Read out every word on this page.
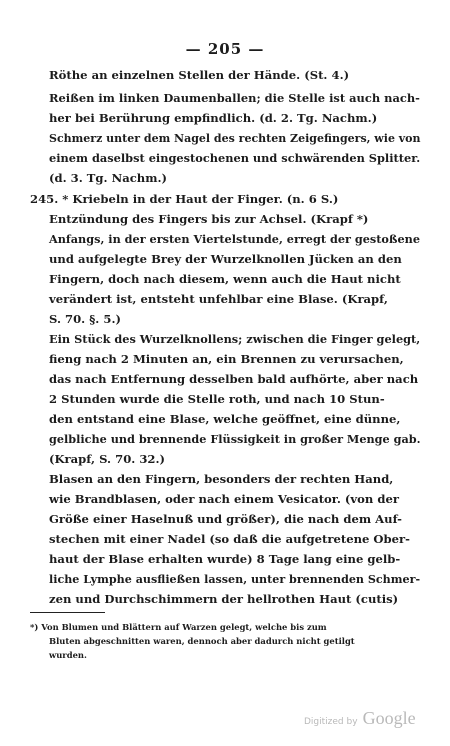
— 205 —
Röthe an einzelnen Stellen der Hände. (St. 4.)
Reißen im linken Daumenballen; die Stelle ist auch nach-
her bei Berührung empfindlich. (d. 2. Tg. Nachm.)
Schmerz unter dem Nagel des rechten Zeigefingers, wie von
einem daselbst eingestochenen und schwärenden Splitter.
(d. 3. Tg. Nachm.)
245. * Kriebeln in der Haut der Finger. (n. 6 S.)
Entzündung des Fingers bis zur Achsel. (Krapf *)
Anfangs, in der ersten Viertelstunde, erregt der gestoßene
und aufgelegte Brey der Wurzelknollen Jücken an den
Fingern, doch nach diesem, wenn auch die Haut nicht
verändert ist, entsteht unfehlbar eine Blase. (Krapf,
S. 70. §. 5.)
Ein Stück des Wurzelknollens; zwischen die Finger gelegt,
fieng nach 2 Minuten an, ein Brennen zu verursachen,
das nach Entfernung desselben bald aufhörte, aber nach
2 Stunden wurde die Stelle roth, und nach 10 Stun-
den entstand eine Blase, welche geöffnet, eine dünne,
gelbliche und brennende Flüssigkeit in großer Menge gab.
(Krapf, S. 70. 32.)
Blasen an den Fingern, besonders der rechten Hand,
wie Brandblasen, oder nach einem Vesicator. (von der
Größe einer Haselnuß und größer), die nach dem Auf-
stechen mit einer Nadel (so daß die aufgetretene Ober-
haut der Blase erhalten wurde) 8 Tage lang eine gelb-
liche Lymphe ausfließen lassen, unter brennenden Schmer-
zen und Durchschimmern der hellrothen Haut (cutis)
*) Von Blumen und Blättern auf Warzen gelegt, welche bis zum
Bluten abgeschnitten waren, dennoch aber dadurch nicht getilgt
wurden.
Digitized by Google
